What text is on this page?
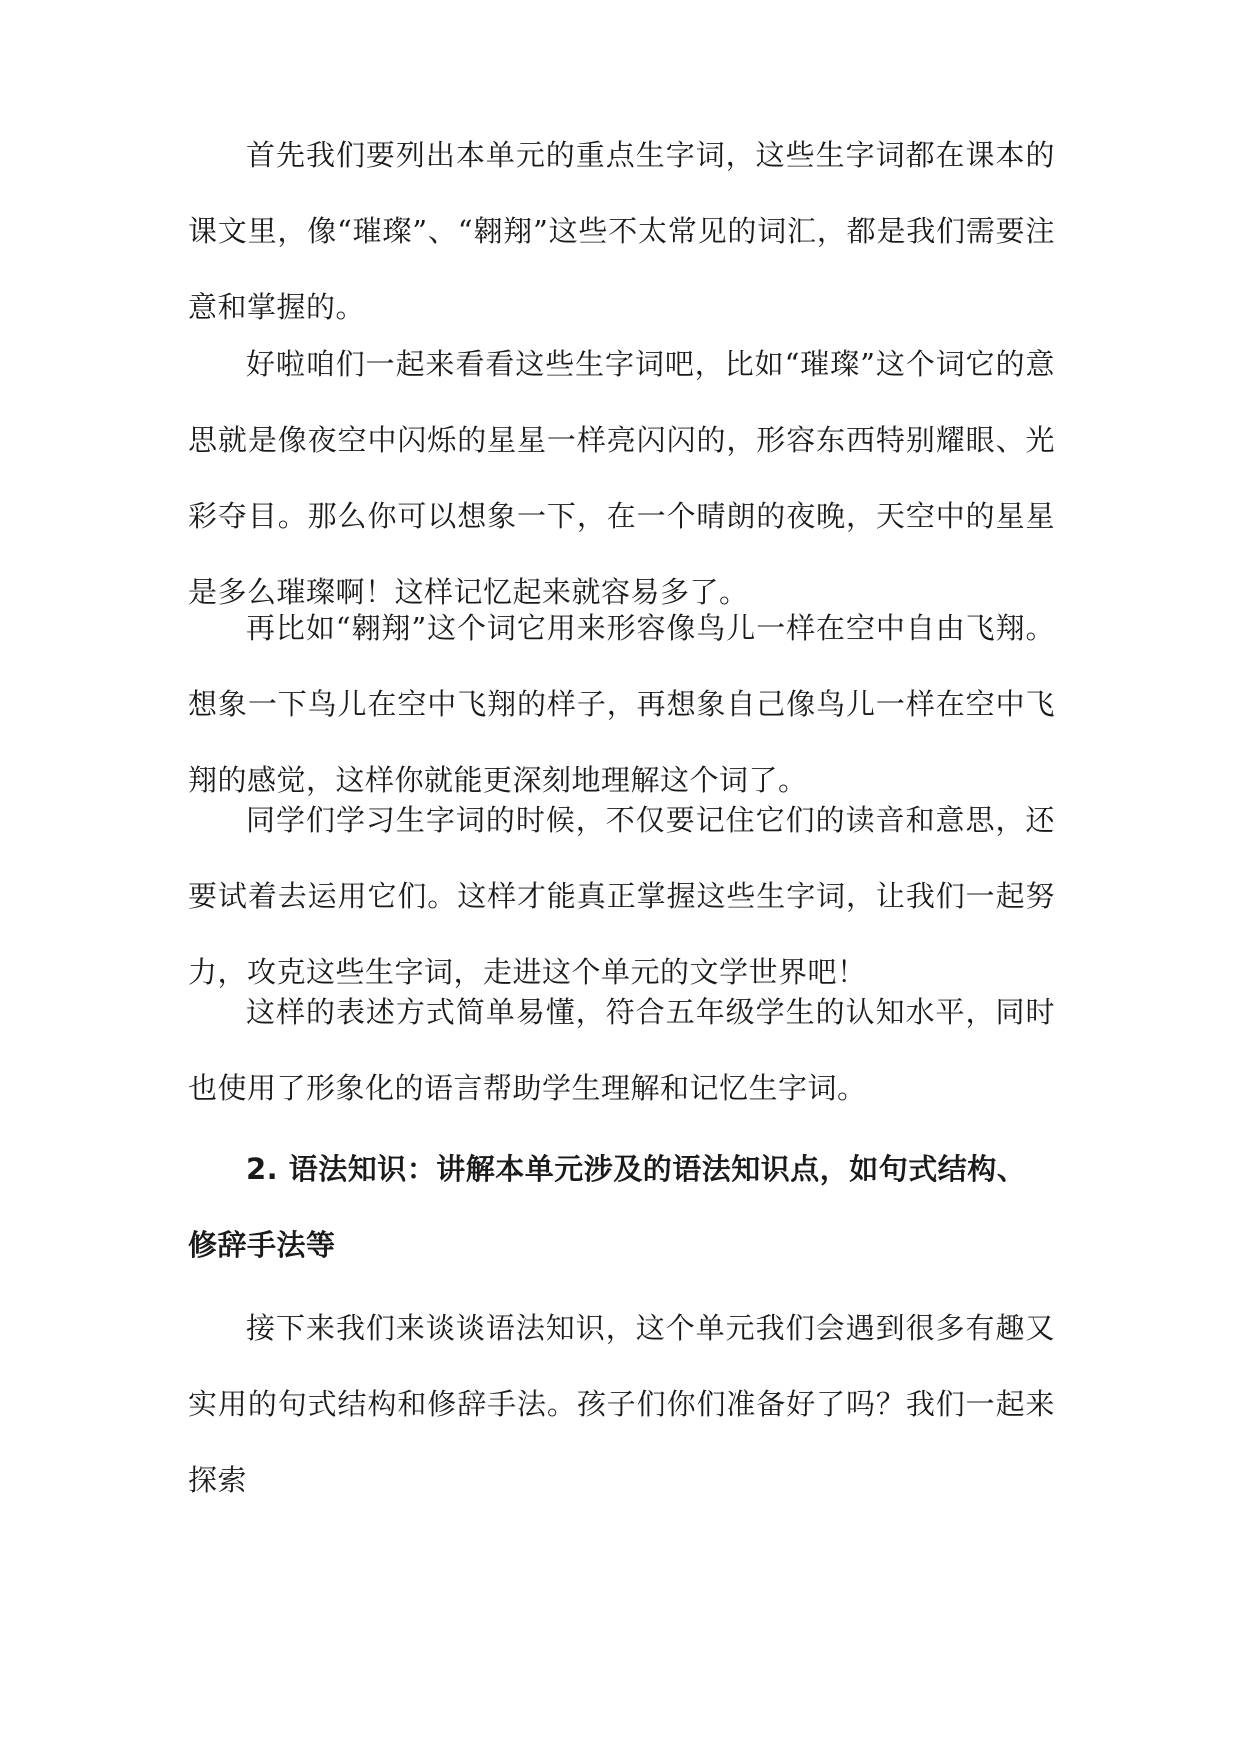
首先我们要列出本单元的重点生字词，这些生字词都在课本的课文里，像“璀璨”、“翱翔”这些不太常见的词汇，都是我们需要注意和掌握的。

好啦咱们一起来看看这些生字词吧，比如“璀璨”这个词它的意思就是像夜空中闪烁的星星一样亮闪闪的，形容东西特别耀眼、光彩夺目。那么你可以想象一下，在一个晴朗的夜晚，天空中的星星是多么璀璨啊！这样记忆起来就容易多了。

再比如“翱翔”这个词它用来形容像鸟儿一样在空中自由飞翔。想象一下鸟儿在空中飞翔的样子，再想象自己像鸟儿一样在空中飞翔的感觉，这样你就能更深刻地理解这个词了。

同学们学习生字词的时候，不仅要记住它们的读音和意思，还要试着去运用它们。这样才能真正掌握这些生字词，让我们一起努力，攻克这些生字词，走进这个单元的文学世界吧！

这样的表述方式简单易懂，符合五年级学生的认知水平，同时也使用了形象化的语言帮助学生理解和记忆生字词。

2. 语法知识：讲解本单元涉及的语法知识点，如句式结构、修辞手法等

接下来我们来谈谈语法知识，这个单元我们会遇到很多有趣又实用的句式结构和修辞手法。孩子们你们准备好了吗？我们一起来探索
